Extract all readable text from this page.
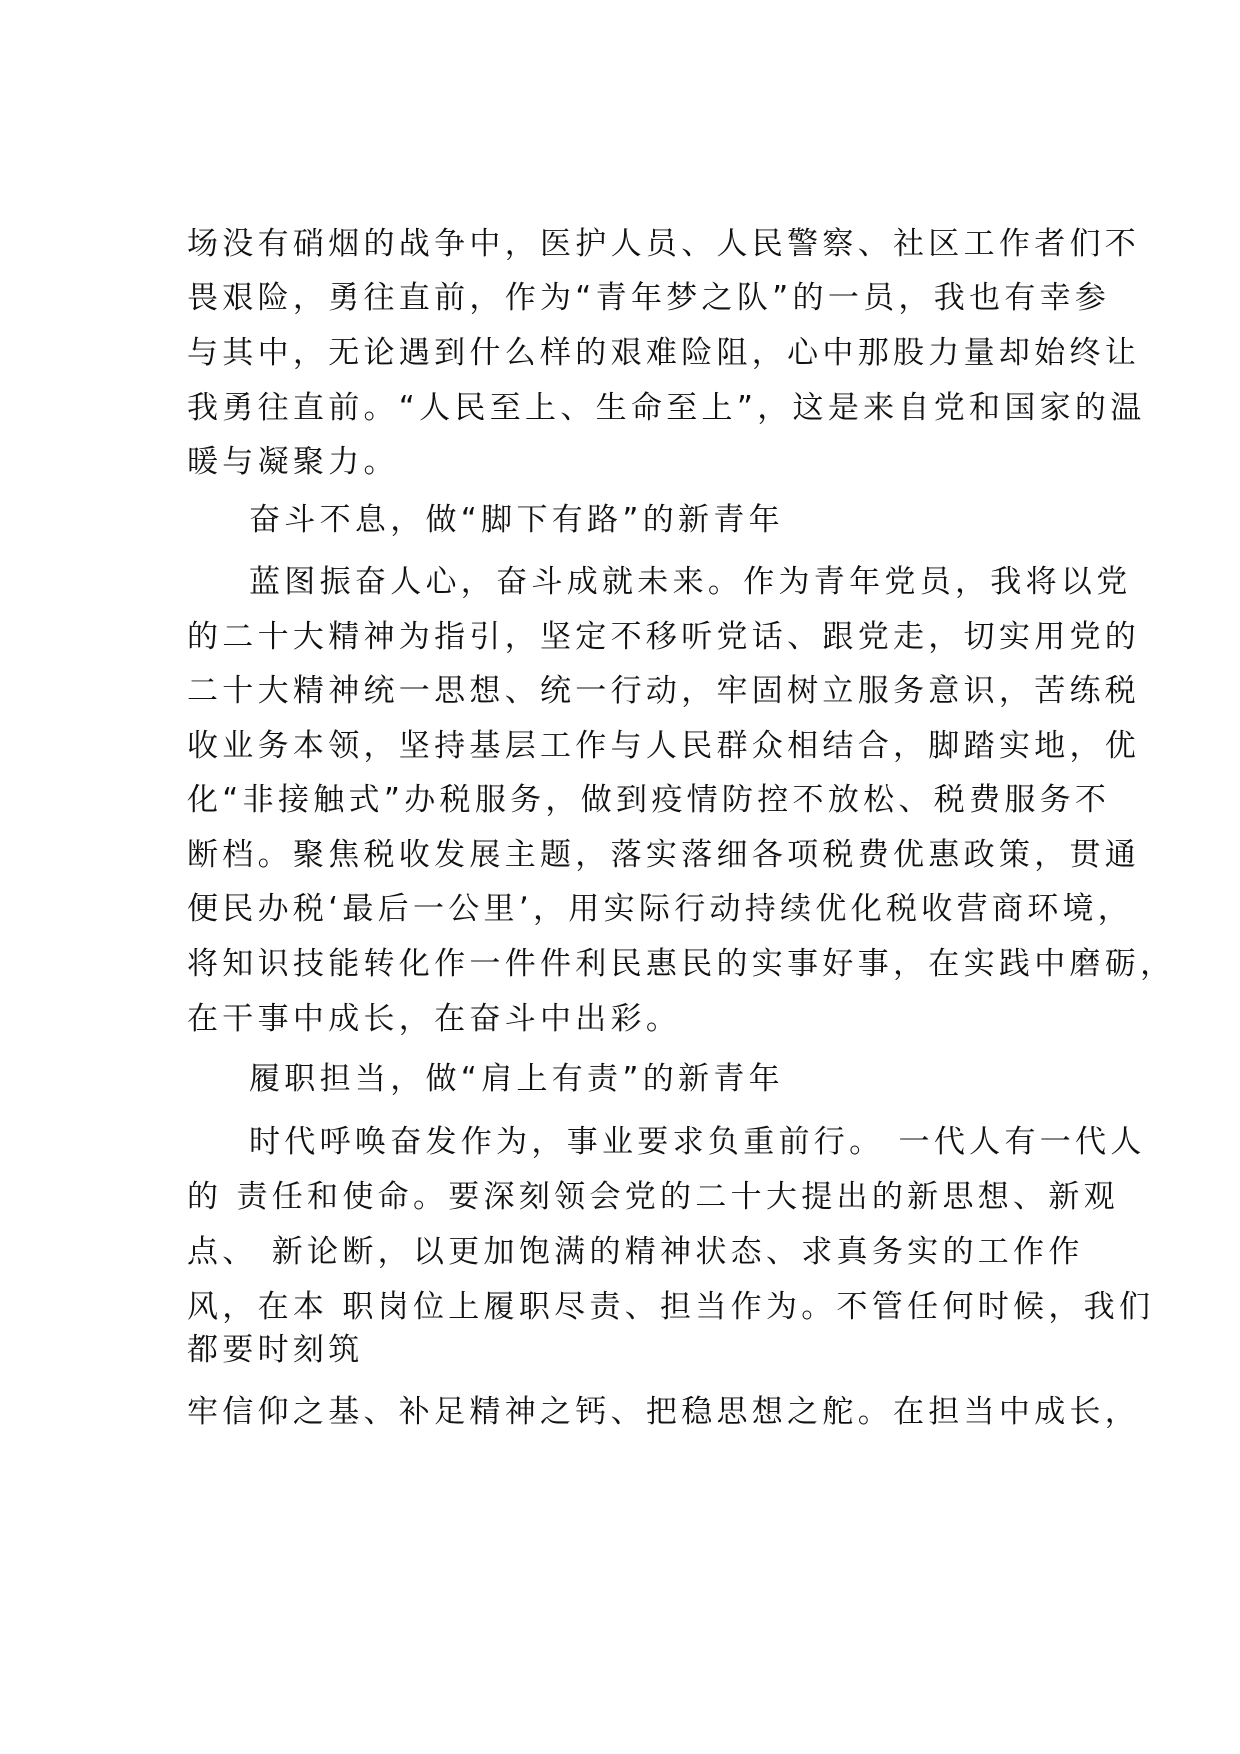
场没有硝烟的战争中，医护人员、人民警察、社区工作者们不
畏艰险，勇往直前，作为“青年梦之队”的一员，我也有幸参
与其中，无论遇到什么样的艰难险阻，心中那股力量却始终让
我勇往直前。“人民至上、生命至上”，这是来自党和国家的温
暖与凝聚力。
奋斗不息，做“脚下有路”的新青年
蓝图振奋人心，奋斗成就未来。作为青年党员，我将以党
的二十大精神为指引，坚定不移听党话、跟党走，切实用党的
二十大精神统一思想、统一行动，牢固树立服务意识，苦练税
收业务本领，坚持基层工作与人民群众相结合，脚踏实地，优
化“非接触式”办税服务，做到疫情防控不放松、税费服务不
断档。聚焦税收发展主题，落实落细各项税费优惠政策，贯通
便民办税‘最后一公里’，用实际行动持续优化税收营商环境，
将知识技能转化作一件件利民惠民的实事好事，在实践中磨砺，
在干事中成长，在奋斗中出彩。
履职担当，做“肩上有责”的新青年
时代呼唤奋发作为，事业要求负重前行。 一代人有一代人
的 责任和使命。要深刻领会党的二十大提出的新思想、新观
点、 新论断，以更加饱满的精神状态、求真务实的工作作
风，在本 职岗位上履职尽责、担当作为。不管任何时候，我们
都要时刻筑
牢信仰之基、补足精神之钙、把稳思想之舵。在担当中成长，
